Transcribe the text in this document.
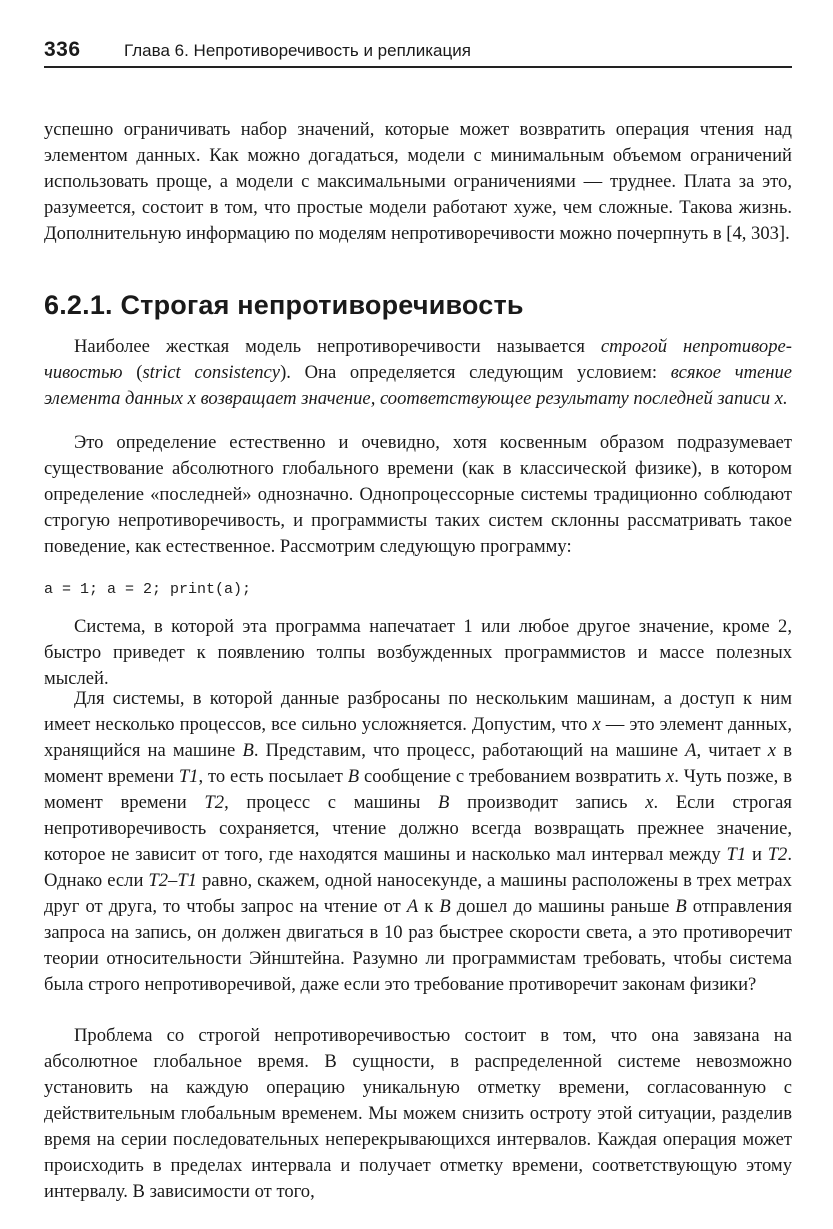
336	Глава 6. Непротиворечивость и репликация

успешно ограничивать набор значений, которые может возвратить операция чтения над элементом данных. Как можно догадаться, модели с минимальным объемом ограничений использовать проще, а модели с максимальными ограничениями — труднее. Плата за это, разумеется, состоит в том, что простые модели работают хуже, чем сложные. Такова жизнь. Дополнительную информацию по моделям непротиворечивости можно почерпнуть в [4, 303].

6.2.1. Строгая непротиворечивость

Наиболее жесткая модель непротиворечивости называется строгой непротиворечивостью (strict consistency). Она определяется следующим условием: всякое чтение элемента данных x возвращает значение, соответствующее результату последней записи x.

Это определение естественно и очевидно, хотя косвенным образом подразумевает существование абсолютного глобального времени (как в классической физике), в котором определение «последней» однозначно. Однопроцессорные системы традиционно соблюдают строгую непротиворечивость, и программисты таких систем склонны рассматривать такое поведение, как естественное. Рассмотрим следующую программу:

a = 1; a = 2; print(a);

Система, в которой эта программа напечатает 1 или любое другое значение, кроме 2, быстро приведет к появлению толпы возбужденных программистов и массе полезных мыслей.

Для системы, в которой данные разбросаны по нескольким машинам, а доступ к ним имеет несколько процессов, все сильно усложняется. Допустим, что x — это элемент данных, хранящийся на машине B. Представим, что процесс, работающий на машине A, читает x в момент времени T1, то есть посылает B сообщение с требованием возвратить x. Чуть позже, в момент времени T2, процесс с машины B производит запись x. Если строгая непротиворечивость сохраняется, чтение должно всегда возвращать прежнее значение, которое не зависит от того, где находятся машины и насколько мал интервал между T1 и T2. Однако если T2–T1 равно, скажем, одной наносекунде, а машины расположены в трех метрах друг от друга, то чтобы запрос на чтение от A к B дошел до машины раньше B отправления запроса на запись, он должен двигаться в 10 раз быстрее скорости света, а это противоречит теории относительности Эйнштейна. Разумно ли программистам требовать, чтобы система была строго непротиворечивой, даже если это требование противоречит законам физики?

Проблема со строгой непротиворечивостью состоит в том, что она завязана на абсолютное глобальное время. В сущности, в распределенной системе невозможно установить на каждую операцию уникальную отметку времени, согласованную с действительным глобальным временем. Мы можем снизить остроту этой ситуации, разделив время на серии последовательных неперекрывающихся интервалов. Каждая операция может происходить в пределах интервала и получает отметку времени, соответствующую этому интервалу. В зависимости от того,
